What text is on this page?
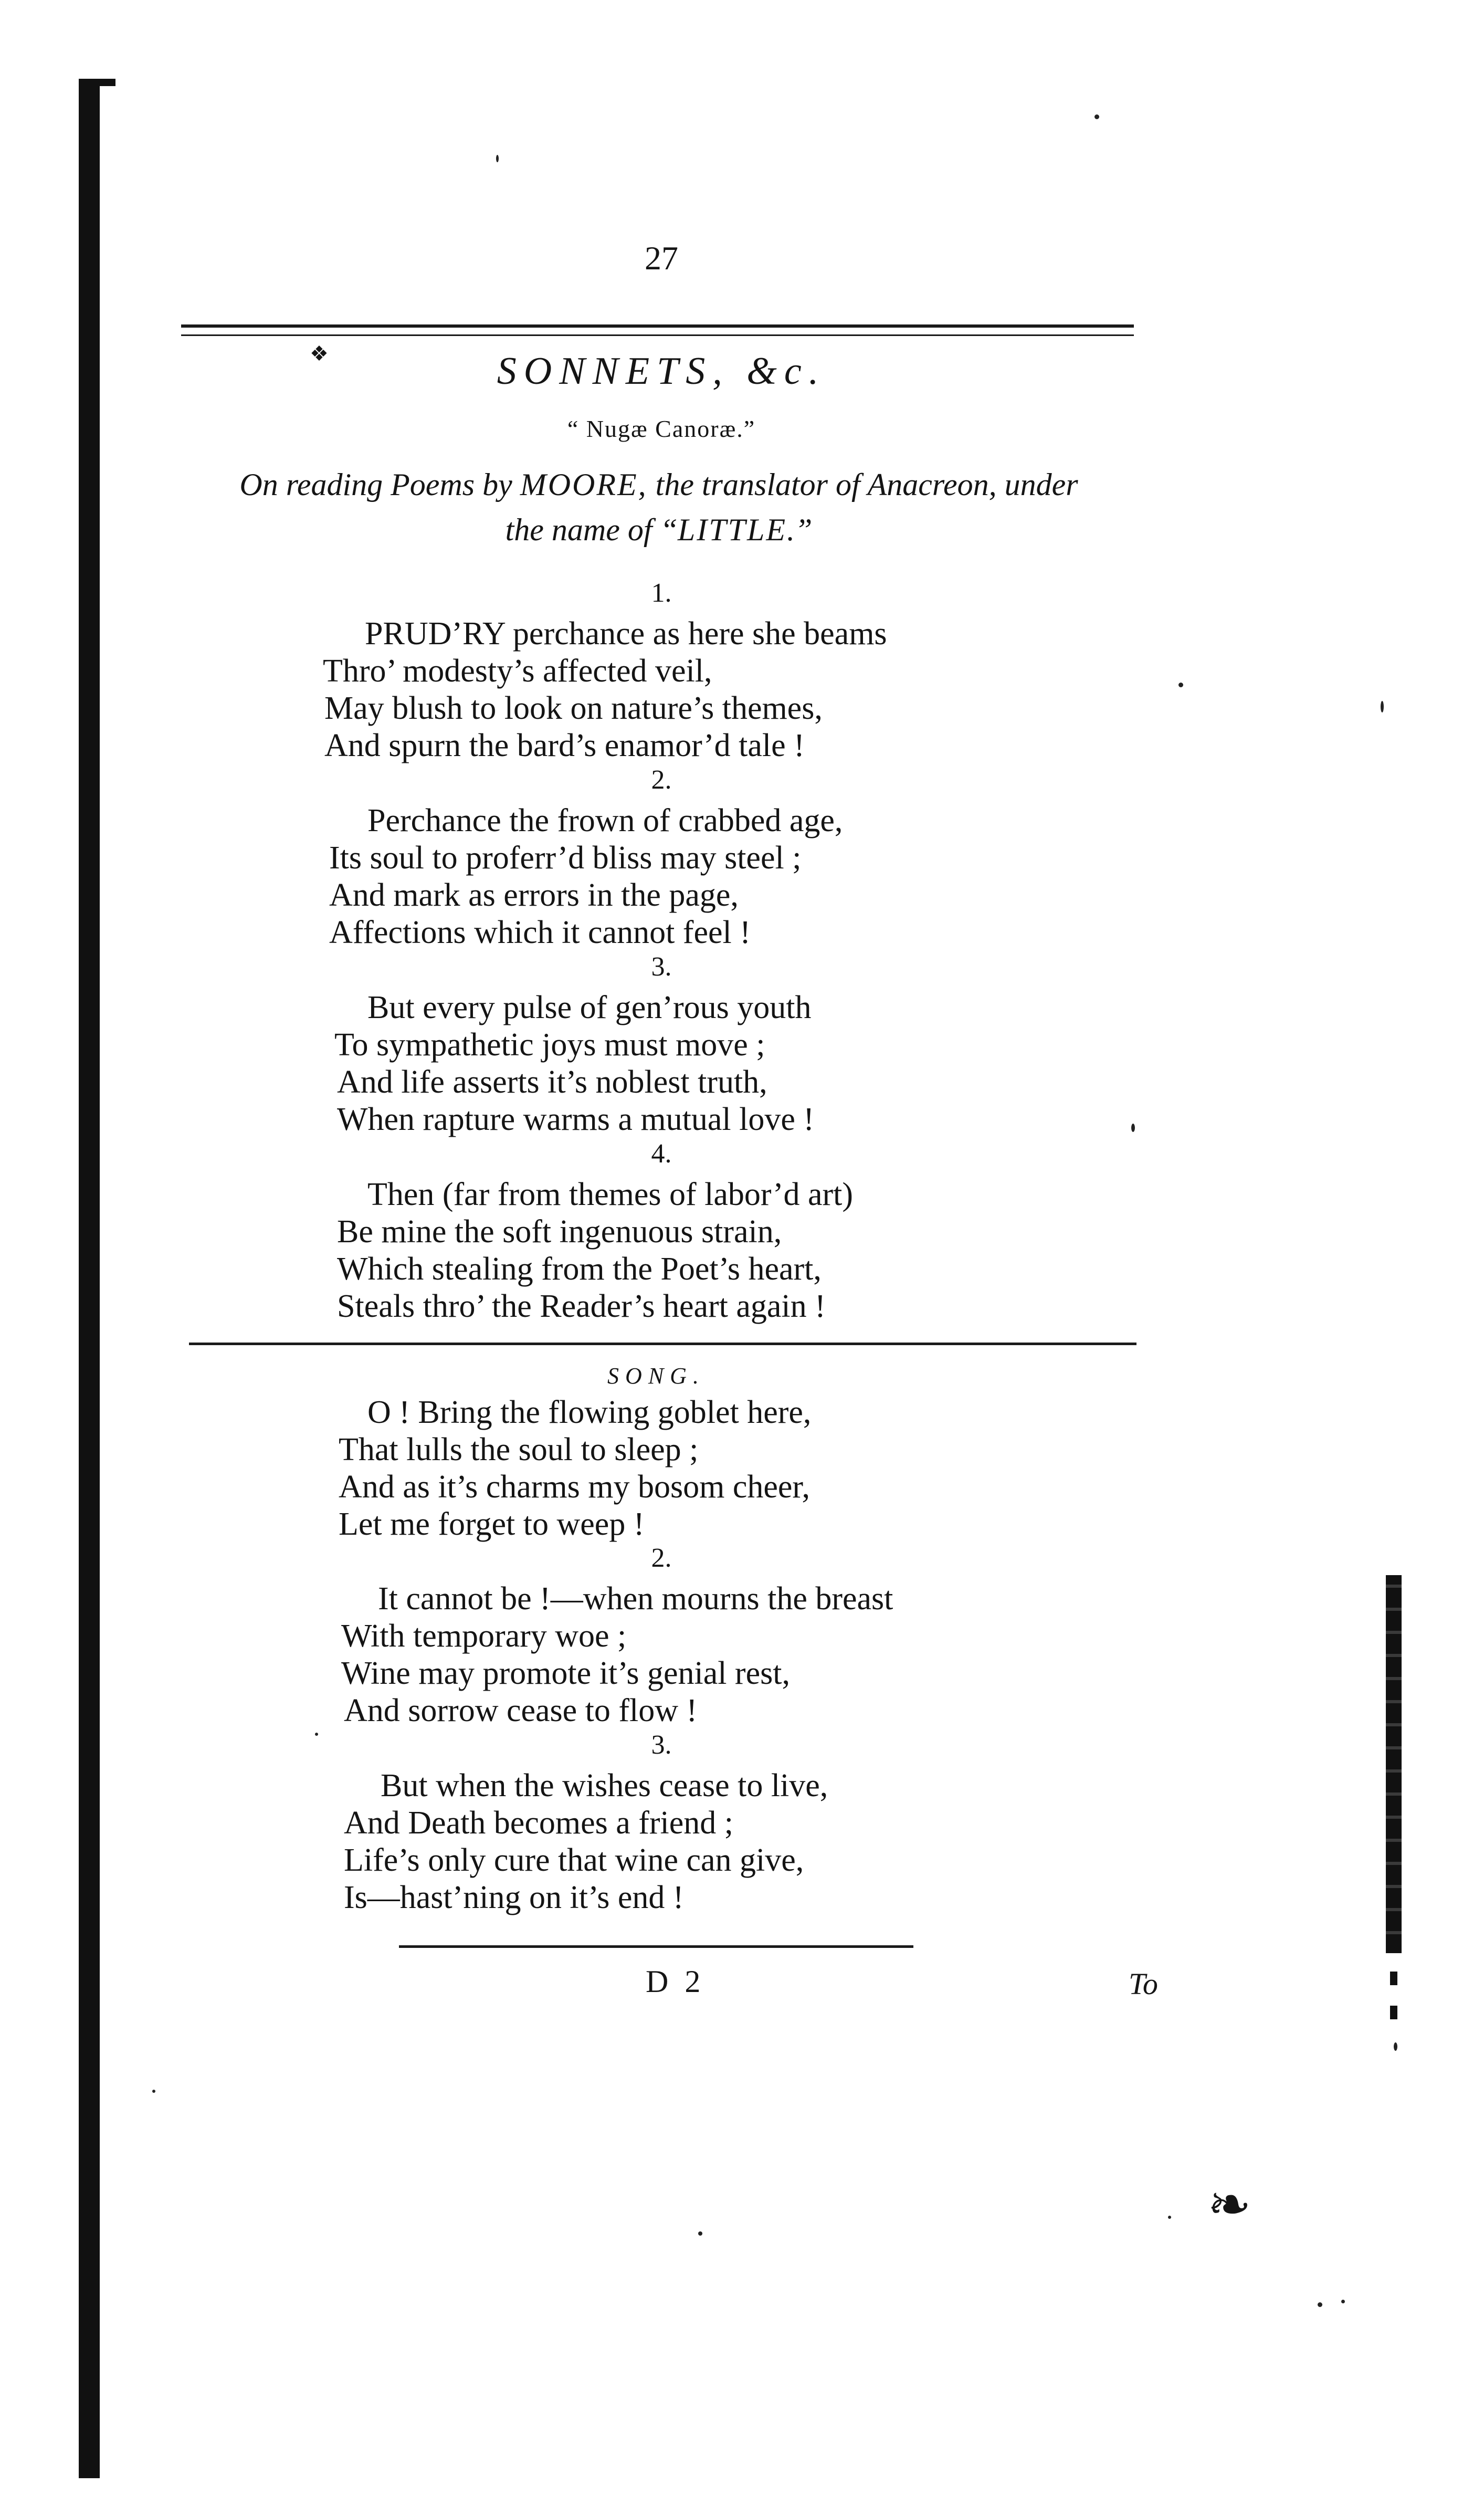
❖
❧
27
SONNETS, &c.
“ Nugæ Canoræ.”
On reading Poems by MOORE, the translator of Anacreon, under
the name of “LITTLE.”
1.
PRUD’RY perchance as here she beams
Thro’ modesty’s affected veil,
May blush to look on nature’s themes,
And spurn the bard’s enamor’d tale !
2.
Perchance the frown of crabbed age,
Its soul to proferr’d bliss may steel ;
And mark as errors in the page,
Affections which it cannot feel !
3.
But every pulse of gen’rous youth
To sympathetic joys must move ;
And life asserts it’s noblest truth,
When rapture warms a mutual love !
4.
Then (far from themes of labor’d art)
Be mine the soft ingenuous strain,
Which stealing from the Poet’s heart,
Steals thro’ the Reader’s heart again !
SONG.
O ! Bring the flowing goblet here,
That lulls the soul to sleep ;
And as it’s charms my bosom cheer,
Let me forget to weep !
2.
It cannot be !—when mourns the breast
With temporary woe ;
Wine may promote it’s genial rest,
And sorrow cease to flow !
3.
But when the wishes cease to live,
And Death becomes a friend ;
Life’s only cure that wine can give,
Is—hast’ning on it’s end !
D 2	To
